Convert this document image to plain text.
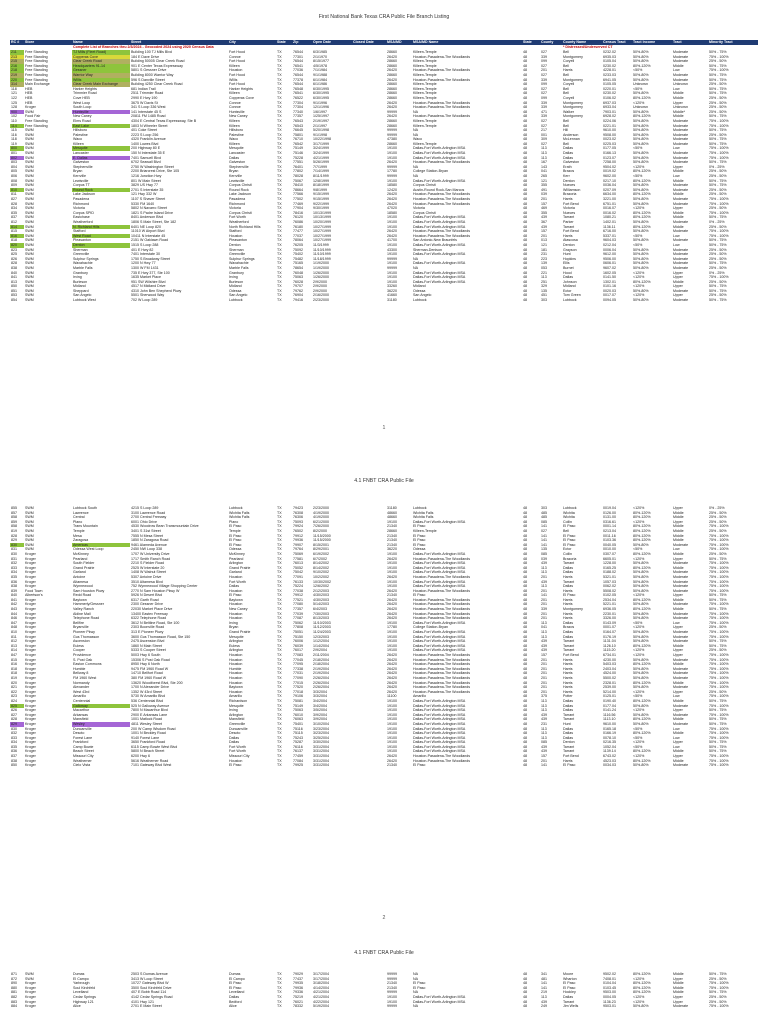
First National Bank Texas CRA Public File Branch Listing
RC #	Store		Name	Street	City	State	Zip	Open Date	Closed Date	MSA/MD	MSA/MD Name	State	County	County Name	Census Tract	Tract Income	Tract	Minority Tract
			Complete List of Branches thru 2/3/2024 - Geocoded 2024 using 2020 Census Data											* Distressed/Underserved CT				
211	Free Standing		TJ Mills (Fleet Road)	Building 100 TJ Mills Blvd	Fort Hood	TX	76544	6/3/1985		28660	Killeen-Temple	48	027	Bell	0232.02	50%-80%	Moderate	50% - 75%
213	Free Standing		Copperas Cove	184 E Dave Drive	Conroe	TX	77301	2/1/1970		26420	Houston-Pasadena-The Woodlands	48	339	Montgomery	6935.03	50%-80%	Moderate	75% - 100%
215	Free Standing		Clear Creek Road	Building 50005 Clear Creek Road	Fort Hood	TX	76544	8/15/1977		28660	Killeen-Temple	48	099	Coryell	0105.04	50%-80%	Moderate	25% - 50%
216	Free Standing		Headquarters 91-14	901 E Center Texas Expressway	Killeen	TX	76541	4/5/1978		28660	Killeen-Temple	48	027	Bell	0230.02	80%-120%	Middle	50% - 75%
218	Free Standing		Gessner	5801 S Gessner Drive	Houston	TX	77036	7/1/1984		26420	Houston-Pasadena-The Woodlands	48	201	Harris	4228.01	<50%	Low	75% - 100%
219	Free Standing		Warrior Way	Building 8000 Warrior Way	Fort Hood	TX	76544	9/1/1988		28660	Killeen-Temple	48	027	Bell	0233.03	50%-80%	Moderate	50% - 75%
220	Free Standing		Willis	596 S Danville Street	Willis	TX	77378	6/1/1984		26420	Houston-Pasadena-The Woodlands	48	339	Montgomery	6941.05	50%-80%	Moderate	50% - 75%
314	Main Exchange		Clear Creek Main Exchange	Building 4250 Clear Creek Road	Fort Hood	TX	76544	6/1/1986		28660	Killeen-Temple	48	099	Coryell	0105.05	Unknown	Unknown	25% - 50%
118	HEB		Harker Heights	681 Indian Trail	Harker Heights	TX	76548	6/30/1995		28660	Killeen-Temple	48	027	Bell	0220.01	<50%	Low	50% - 75%
121	HEB		Trimmier Road	2511 Trimmier Road	Killeen	TX	76541	6/30/1995		28660	Killeen-Temple	48	027	Bell	0230.02	50%-80%	Middle	50% - 75%
122	HEB		Cove HEB	2990 E Hwy 190	Copperas Cove	TX	76522	6/30/1995		28660	Killeen-Temple	48	099	Coryell	0106.02	80%-120%	Middle	25% - 50%
125	HEB		West Loop	3675 W Davis St	Conroe	TX	77304	9/1/1996		26420	Houston-Pasadena-The Woodlands	48	339	Montgomery	6937.03	<120%	Upper	25% - 50%
128	Kroger		South Loop	341 S Loop 336 West	Conroe	TX	77304	12/1/1996		26420	Houston-Pasadena-The Woodlands	48	339	Montgomery	6933.04	Unknown	Unknown	25% - 50%
900	SWM		Huntsville	141 Interstate 45 S	Huntsville	TX	77340	1/6/1997		99999	NA	48	471	Walker	7903.01	50%-80%	Middle*	25% - 50%
102	Food Fair		New Caney	20811 FM 1485 Road	New Caney	TX	77357	1/25/1997		26420	Houston-Pasadena-The Woodlands	48	339	Montgomery	6928.02	80%-120%	Middle	50% - 75%
110	Free Standing		Elms Road	4304 E Central Texas Expressway, Ste B	Killeen	TX	76543	2/19/1997		28660	Killeen-Temple	48	027	Bell	0224.06	50%-80%	Moderate	75% - 100%
114	Free Standing		East Lake	1803 N Wheeler Street	Killeen	TX	76543	2/1/1997		28660	Killeen-Temple	48	027	Bell	0221.01	50%-80%	Moderate	75% - 100%
115	SWM		Hillsboro	401 Coke Street	Hillsboro	TX	76645	5/20/1998		99999	NA	48	217	Hill	9610.00	50%-80%	Moderate	50% - 75%
116	SWM		Palestine	2223 S Loop 256	Palestine	TX	75801	9/1/1998		99999	NA	48	001	Anderson	9508.00	50%-80%	Moderate	25% - 50%
118	SWM		Waco	4320 Franklin Avenue	Waco	TX	76710	10/22/1998		47380	Waco	48	309	McLennan	0023.02	50%-80%	Moderate	50% - 75%
119	SWM		Killeen	1400 Lowes Blvd	Killeen	TX	76542	3/17/1999		28660	Killeen-Temple	48	027	Bell	0225.03	50%-80%	Moderate	50% - 75%
800	SWM		Mesquite	200 Highway 80 E	Mesquite	TX	75149	3/24/1999		19100	Dallas-Fort Worth-Arlington MSA	48	113	Dallas	0177.05	<50%	Low	75% - 100%
801	SWM		Lancaster	150 N Interstate 35 E	Lancaster	TX	75146	3/24/1999		19100	Dallas-Fort Worth-Arlington MSA	48	113	Dallas	0166.13	50%-80%	Moderate	75% - 100%
802	SWM		E. Dallas	7401 Samuell Blvd	Dallas	TX	75228	4/21/1999		19100	Dallas-Fort Worth-Arlington MSA	48	113	Dallas	0123.07	50%-80%	Moderate	75% - 100%
803	SWM		Galveston	6702 Seawall Blvd	Galveston	TX	77551	5/26/1999		26420	Houston-Pasadena-The Woodlands	48	167	Galveston	7258.00	50%-80%	Moderate	50% - 75%
804	SWM		Stephenville	2750 W Washington Street	Stephenville	TX	76401	7/7/1999		99999	NA	48	143	Erath	9504.02	<120%	Upper	0% - 25%
805	SWM		Bryan	2200 Briarcrest Drive, Ste 105	Bryan	TX	77802	7/14/1999		17780	College Station-Bryan	48	041	Brazos	0019.02	80%-120%	Middle	25% - 50%
806	SWM		Kerrville	1216 Junction Hwy	Kerrville	TX	78028	8/11/1999		99999	NA	48	265	Kerr	9602.00	<50%	Low	25% - 50%
808	SWM		Lewisville	801 W Main Street	Lewisville	TX	75067	12/8/1999		19100	Dallas-Fort Worth-Arlington MSA	48	121	Denton	0217.10	80%-120%	Middle	50% - 75%
809	SWM		Corpus TT	3829 US Hwy 77	Corpus Christi	TX	78410	8/18/1999		18580	Corpus Christi	48	355	Nueces	0036.04	50%-80%	Moderate	50% - 75%
810	SWM		Round Rock	2701 S Interstate 35	Round Rock	TX	78664	9/8/1999		12420	Austin-Round Rock-San Marcos	48	491	Williamson	0207.09	50%-80%	Moderate	25% - 50%
811	SWM		Lake Jackson	121 Hwy 332 W	Lake Jackson	TX	77566	9/15/1999		26420	Houston-Pasadena-The Woodlands	48	039	Brazoria	6634.00	80%-120%	Middle	25% - 50%
827	SWM		Pasadena	1107 S Shaver Street	Pasadena	TX	77502	9/15/1999		26420	Houston-Pasadena-The Woodlands	48	201	Harris	3221.00	50%-80%	Moderate	75% - 100%
828	SWM		Richmond	5330 FM 1640	Richmond	TX	77469	9/22/1999		26420	Houston-Pasadena-The Woodlands	48	157	Fort Bend	6751.01	50%-80%	Moderate	75% - 100%
834	SWM		Victoria	5802 N Navarro Street	Victoria	TX	77904	9/30/1999		47020	Victoria	48	469	Victoria	0016.07	<120%	Upper	25% - 50%
835	SWM		Corpus SPID	1821 S Padre Island Drive	Corpus Christi	TX	78416	10/13/1999		18580	Corpus Christi	48	355	Nueces	0016.02	80%-120%	Middle	75% - 100%
837	SWM		Eastchase	8401 Anderson Blvd	Fort Worth	TX	76120	10/13/1999		19100	Dallas-Fort Worth-Arlington MSA	48	439	Tarrant	1080.21	80%-120%	Middle	50% - 75%
812	SWM		Weatherford	1806 S Main Street, Ste 182	Weatherford	TX	76086	10/20/1999		19100	Dallas-Fort Worth-Arlington MSA	48	367	Parker	1402.01	50%-80%	Moderate	0% - 25%
814	SWM		N. Richland Hills	6401 NE Loop 820	North Richland Hills	TX	76180	10/27/1999		19100	Dallas-Fort Worth-Arlington MSA	48	439	Tarrant	1136.11	80%-120%	Middle	25% - 50%
815	SWM		Stafford	11010 W Airport Blvd	Stafford	TX	77477	10/27/1999		26420	Houston-Pasadena-The Woodlands	48	157	Fort Bend	6716.00	50%-80%	Moderate	75% - 100%
816	SWM		West Road	10411 N Interstate 45	Houston	TX	77037	10/27/1999		26420	Houston-Pasadena-The Woodlands	48	201	Harris	5337.01	<50%	Low	75% - 100%
818	SWM		Pleasanton	2151 W Oaklawn Road	Pleasanton	TX	78064	10/27/1999		41700	San Antonio-New Braunfels	48	013	Atascosa	9604.03	50%-80%	Moderate	50% - 75%
820	SWM		Denton	1515 S Loop 288	Denton	TX	76205	11/3/1999		19100	Dallas-Fort Worth-Arlington MSA	48	121	Denton	0212.04	<50%	Low	50% - 75%
823	SWM		Sherman	401 E Hwy 82	Sherman	TX	75092	11/10/1999		43300	Sherman-Denison	48	181	Grayson	0006.04	50%-80%	Moderate	25% - 50%
825	SWM		Greenville	7401 Interstate 30	Greenville	TX	75402	11/10/1999		19100	Dallas-Fort Worth-Arlington MSA	48	231	Hunt	9612.00	50%-80%	Moderate	25% - 50%
826	SWM		Sulphur Springs	1750 S Broadway Street	Sulphur Springs	TX	75482	11/18/1999		99999	NA	48	223	Hopkins	9506.00	50%-80%	Moderate	25% - 50%
828	SWM		Waxahachie	1200 N Hwy 77	Waxahachie	TX	75165	1/19/2000		19100	Dallas-Fort Worth-Arlington MSA	48	139	Ellis	0606.01	50%-80%	Moderate	50% - 75%
838	SWM		Marble Falls	1300 W FM 1431	Marble Falls	TX	78654	1/19/2000		99999	NA	48	053	Burnet	9607.02	50%-80%	Moderate	25% - 50%
840	SWM		Granbury	735 E Hwy 377, Ste 100	Granbury	TX	76048	1/26/2000		19100	Dallas-Fort Worth-Arlington MSA	48	221	Hood	1602.05	<120%	Upper	0% - 25%
841	SWM		Irving	1635 Market Place	Irving	TX	75063	1/26/2000		19100	Dallas-Fort Worth-Arlington MSA	48	113	Dallas	0141.50	<120%	Upper	75% - 100%
813	SWM		Burleson	951 SW Wilshire Blvd	Burleson	TX	76028	2/9/2000		19100	Dallas-Fort Worth-Arlington MSA	48	251	Johnson	1302.01	80%-120%	Middle	25% - 50%
850	SWM		Midland	4517 N Midland Drive	Midland	TX	79707	2/9/2000		33260	Midland	48	329	Midland	0101.16	<120%	Upper	50% - 75%
851	SWM		Sheppard	4310 John Ben Shepherd Pkwy	Odessa	TX	79762	2/9/2000		36220	Odessa	48	135	Ector	0020.03	50%-80%	Moderate	50% - 75%
853	SWM		San Angelo	5501 Sherwood Way	San Angelo	TX	76904	2/16/2000		41660	San Angelo	48	451	Tom Green	0017.07	<120%	Upper	25% - 50%
854	SWM		Lubbock West	702 W Loop 289	Lubbock	TX	79416	2/23/2000		31180	Lubbock	48	303	Lubbock	0094.05	50%-80%	Moderate	50% - 75%
1
4.1 FNBT CRA Public File
855	SWM		Lubbock South	4215 S Loop 289	Lubbock	TX	79423	2/23/2000		31180	Lubbock	48	303	Lubbock	0019.04	<120%	Upper	0% - 25%
857	SWM		Lawrence	3100 Lawrence Road	Wichita Falls	TX	76308	4/19/2000		48660	Wichita Falls	48	485	Wichita	0126.00	80%-120%	Middle	25% - 50%
858	SWM		Central	2700 Central Freeway	Wichita Falls	TX	76306	4/19/2000		48660	Wichita Falls	48	485	Wichita	0131.00	80%-120%	Middle	25% - 50%
859	SWM		Plano	6001 Ohio Drive	Plano	TX	75093	6/21/2000		19100	Dallas-Fort Worth-Arlington MSA	48	085	Collin	0316.61	<120%	Upper	25% - 50%
858	SWM		Trans Mountain	4530 Woodrow Bean Transmountain Drive	El Paso	TX	79924	7/26/2000		21340	El Paso	48	141	El Paso	0001.14	80%-120%	Middle	75% - 100%
819	SWM		Temple	3401 S 31st Street	Temple	TX	76502	8/2/2000		28660	Killeen-Temple	48	027	Bell	0213.04	80%-120%	Middle	25% - 50%
828	SWM		Mesa	7555 N Mesa Street	El Paso	TX	79912	11/15/2000		21340	El Paso	48	141	El Paso	0011.16	80%-120%	Middle	75% - 100%
829	SWM		Zaragosa	1850 N Zaragosa Road	El Paso	TX	79936	11/15/2000		21340	El Paso	48	141	El Paso	0103.36	80%-120%	Middle	75% - 100%
830	SWM		Americas	9461 Alameda Avenue	El Paso	TX	79907	8/15/2001		21340	El Paso	48	141	El Paso	0040.05	50%-80%	Moderate	75% - 100%
831	SWM		Odessa West Loop	2450 NW Loop 338	Odessa	TX	79764	8/29/2001		36220	Odessa	48	135	Ector	0010.00	<50%	Low	75% - 100%
830	Kroger		McKinney	1707 W University Drive	McKinney	TX	75069	6/19/2002		19100	Dallas-Fort Worth-Arlington MSA	48	085	Collin	0307.07	80%-120%	Middle	25% - 50%
831	Kroger		Pearland	1717 Smith Ranch Road	Pearland	TX	77581	6/7/2002		26420	Houston-Pasadena-The Woodlands	48	039	Brazoria	6605.01	<120%	Upper	50% - 75%
832	Kroger		South Fielder	2210 S Fielder Road	Arlington	TX	76013	8/14/2002		19100	Dallas-Fort Worth-Arlington MSA	48	439	Tarrant	1228.00	50%-80%	Moderate	75% - 100%
833	Kroger		Grand Prairie	2525 W Interstate 20	Grand Prairie	TX	75052	8/14/2002		19100	Dallas-Fort Worth-Arlington MSA	48	113	Dallas	0165.25	80%-120%	Middle	75% - 100%
834	Kroger		Garland	1408 W Walnut Street	Garland	TX	75042	9/10/2002		19100	Dallas-Fort Worth-Arlington MSA	48	113	Dallas	0188.02	50%-80%	Moderate	75% - 100%
835	Kroger		Antoine	5307 Antoine Drive	Houston	TX	77091	10/2/2002		26420	Houston-Pasadena-The Woodlands	48	201	Harris	5321.01	50%-80%	Moderate	75% - 100%
836	Kroger		Altamesa	3510 Altamesa Blvd	Fort Worth	TX	76133	10/30/2002		19100	Dallas-Fort Worth-Arlington MSA	48	439	Tarrant	1057.03	50%-80%	Moderate	75% - 100%
838	Kroger		Wynnewood	752 Wynnewood Village Shopping Center	Dallas	TX	75224	12/6/2002		19100	Dallas-Fort Worth-Arlington MSA	48	113	Dallas	0062.02	50%-80%	Moderate	75% - 100%
839	Food Town		Sam Houston Pkwy	2770 N Sam Houston Pkwy W	Houston	TX	77038	2/12/2003		26420	Houston-Pasadena-The Woodlands	48	201	Harris	5508.02	50%-80%	Moderate	75% - 100%
840	Albertson's		Redd Road	5926 N Desert Blvd	El Paso	TX	79912	4/30/2003		21340	El Paso	48	141	El Paso	0102.05	<120%	Upper	50% - 75%
841	Kroger		Baytown	6317 Garth Road	Baytown	TX	77521	4/30/2003		26420	Houston-Pasadena-The Woodlands	48	201	Harris	2534.04	80%-120%	Middle	50% - 75%
842	Kroger		Hammerly/Gessner	2300 Gessner Drive	Houston	TX	77080	5/14/2003		26420	Houston-Pasadena-The Woodlands	48	201	Harris	5221.01	50%-80%	Moderate	75% - 100%
843	Kroger		Valley Ranch	22030 Market Place Drive	New Caney	TX	77357	6/4/2003		26420	Houston-Pasadena-The Woodlands	48	339	Montgomery	6936.05	80%-120%	Middle	50% - 75%
844	Kroger		Aldine Mail	13400 Eastex Freeway	Houston	TX	77039	7/30/2003		26420	Houston-Pasadena-The Woodlands	48	201	Harris	2230.01	50%-80%	Moderate	75% - 100%
846	Kroger		Telephone Road	6322 Telephone Road	Houston	TX	77087	8/13/2003		26420	Houston-Pasadena-The Woodlands	48	201	Harris	3326.00	50%-80%	Moderate	75% - 100%
847	Kroger		Bellfire	3612 N Beltline Road, Ste 100	Irving	TX	75062	11/10/2003		19100	Dallas-Fort Worth-Arlington MSA	48	113	Dallas	0143.09	<50%	Low	75% - 100%
848	Kroger		Bryanville	2303 Boonville Road	Bryan	TX	77808	11/12/2003		17780	College Station-Bryan	48	041	Brazos	0001.07	<120%	Upper	25% - 50%
810	Kroger		Pioneer Pkwy	313 E Pioneer Pkwy	Grand Prairie	TX	75051	11/24/2003		19100	Dallas-Fort Worth-Arlington MSA	48	113	Dallas	0164.07	50%-80%	Moderate	75% - 100%
811	Kroger		Gus Thomasson	3600 Gus Thomasson Road, Ste 150	Mesquite	TX	75150	12/3/2003		19100	Dallas-Fort Worth-Arlington MSA	48	113	Dallas	0176.19	50%-80%	Moderate	75% - 100%
812	Kroger		Ascension	2475 Ascension Blvd	Arlington	TX	76006	1/12/2004		19100	Dallas-Fort Worth-Arlington MSA	48	439	Tarrant	1131.04	50%-80%	Moderate	50% - 75%
813	Kroger		Euless	1860 N Main Street	Euless	TX	76039	1/14/2004		19100	Dallas-Fort Worth-Arlington MSA	48	439	Tarrant	1126.10	80%-120%	Middle	50% - 75%
814	Kroger		Cooper	5333 S Cooper Street	Arlington	TX	76017	2/9/2004		19100	Dallas-Fort Worth-Arlington MSA	48	439	Tarrant	1115.20	<120%	Upper	25% - 50%
847	Kroger		Providence	5003 Hwy 6 South	Houston	TX	77083	2/11/2004		26420	Houston-Pasadena-The Woodlands	48	157	Fort Bend	6734.01	<120%	Upper	75% - 100%
815	Kroger		S. Post Oak	15306 S Post Oak Road	Houston	TX	77045	2/18/2004		26420	Houston-Pasadena-The Woodlands	48	201	Harris	4230.00	50%-80%	Moderate	75% - 100%
816	Kroger		Easton Commons	8950 Hwy 6 North	Houston	TX	77095	2/18/2004		26420	Houston-Pasadena-The Woodlands	48	201	Harris	5403.03	80%-120%	Middle	75% - 100%
818	Kroger		Humble	9475 FM 1960 Road W	Humble	TX	77338	2/19/2004		26420	Houston-Pasadena-The Woodlands	48	201	Harris	2403.04	50%-80%	Moderate	75% - 100%
818	Kroger		Bellway 8	14710 Bellfort Road	Houston	TX	77031	2/19/2004		26420	Houston-Pasadena-The Woodlands	48	201	Harris	4524.00	50%-80%	Moderate	75% - 100%
819	Kroger		FM 1960 West	380 FM 1960 Road W	Houston	TX	77090	2/26/2004		26420	Houston-Pasadena-The Woodlands	48	201	Harris	5500.02	50%-80%	Moderate	75% - 100%
820	Kroger		Normandy	13620 Woodforest Blvd, Ste 200	Houston	TX	77015	2/26/2004		26420	Houston-Pasadena-The Woodlands	48	201	Harris	2328.01	80%-120%	Middle	75% - 100%
821	Kroger		Alexander	1700 N Alexander Drive	Baytown	TX	77520	2/26/2004		26420	Houston-Pasadena-The Woodlands	48	201	Harris	2539.00	50%-80%	Moderate	75% - 100%
822	Kroger		West 43rd	1352 W 43rd Street	Houston	TX	77018	3/3/2004		26420	Houston-Pasadena-The Woodlands	48	201	Harris	5214.00	<120%	Upper	25% - 50%
823	Kroger		Amarillo	5730 W Amarillo Blvd	Amarillo	TX	79106	3/3/2004		11100	Amarillo	48	375	Potter	0125.01	<50%	Low	75% - 100%
824	Kroger		Centennial	536 Centennial Blvd	Richardson	TX	75081	3/4/2004		19100	Dallas-Fort Worth-Arlington MSA	48	113	Dallas	0190.40	80%-120%	Middle	50% - 75%
825	Kroger		Galloway	525 N Galloway Avenue	Mesquite	TX	75149	3/4/2004		19100	Dallas-Fort Worth-Arlington MSA	48	113	Dallas	0177.04	50%-80%	Moderate	75% - 100%
826	Kroger		Macarthur	7800 N Macarthur Blvd	Irving	TX	75063	3/5/2004		19100	Dallas-Fort Worth-Arlington MSA	48	113	Dallas	0141.24	<120%	Upper	50% - 75%
827	Kroger		Arkansas	2900 E Arkansas Lane	Arlington	TX	76010	3/9/2004		19100	Dallas-Fort Worth-Arlington MSA	48	439	Tarrant	1116.56	50%-80%	Moderate	75% - 100%
828	Kroger		Mansfield	1001 Matlock Road	Mansfield	TX	76063	3/9/2004		19100	Dallas-Fort Worth-Arlington MSA	48	439	Tarrant	1113.10	80%-120%	Middle	50% - 75%
829	Kroger		Wesley	4811 Wesley Street	Greenville	TX	75401	3/10/2004		19100	Dallas-Fort Worth-Arlington MSA	48	231	Hunt	9610.00	50%-80%	Moderate	50% - 75%
830	Kroger		Duncanville	200 W Camp Wisdom Road	Duncanville	TX	75116	3/23/2004		19100	Dallas-Fort Worth-Arlington MSA	48	113	Dallas	0165.18	<50%	Low	75% - 100%
832	Kroger		Desoto	1001 N Beckley Road	Desoto	TX	75115	3/23/2004		19100	Dallas-Fort Worth-Arlington MSA	48	113	Dallas	0166.19	80%-120%	Middle	75% - 100%
833	Kroger		Forest Lane	9140 Forest Lane	Dallas	TX	75243	3/25/2004		19100	Dallas-Fort Worth-Arlington MSA	48	113	Dallas	0078.10	<50%	Low	75% - 100%
834	Kroger		Frankford	3650 Frankford Road	Dallas	TX	75287	3/30/2004		19100	Dallas-Fort Worth-Arlington MSA	48	085	Denton	0216.35	<120%	Upper	50% - 75%
835	Kroger		Camp Bowie	6115 Camp Bowie West Blvd	Fort Worth	TX	76116	3/31/2004		19100	Dallas-Fort Worth-Arlington MSA	48	439	Tarrant	1052.04	<50%	Low	50% - 75%
836	Kroger		Beach Street	5800 N Beach Street	Fort Worth	TX	76137	3/31/2004		19100	Dallas-Fort Worth-Arlington MSA	48	439	Tarrant	1139.14	80%-120%	Middle	50% - 75%
837	Kroger		Missouri City	6200 Hwy 6	Missouri City	TX	77459	3/31/2004		26420	Houston-Pasadena-The Woodlands	48	157	Fort Bend	6743.02	<120%	Upper	75% - 100%
838	Kroger		Weatherner	5616 Weatherner Road	Houston	TX	77084	3/31/2004		26420	Houston-Pasadena-The Woodlands	48	201	Harris	4523.03	80%-120%	Middle	75% - 100%
850	Kroger		Cielo Vista	7101 Gateway Blvd West	El Paso	TX	79925	3/31/2004		21340	El Paso	48	141	El Paso	0034.03	50%-80%	Moderate	75% - 100%
2
4.1 FNBT CRA Public File
871	SWM		Dumas	2503 S Dumas Avenue	Dumas	TX	79029	3/17/2004		99999	NA	48	341	Moore	9502.02	80%-120%	Middle	50% - 75%
872	SWM		El Campo	3413 W Loop Street	El Campo	TX	77437	3/17/2004		99999	NA	48	481	Wharton	7408.01	<120%	Upper	25% - 50%
890	Kroger		Yarbrough	10727 Gateway Blvd W	El Paso	TX	79935	3/18/2004		21340	El Paso	48	141	El Paso	0104.04	80%-120%	Middle	75% - 100%
880	Kroger		Soul Kirchfeld	3500 Soul Kirchfeld Drive	El Paso	TX	79936	4/14/2004		21340	El Paso	48	141	El Paso	0103.45	80%-120%	Middle	75% - 100%
881	Kroger		Levelland	407 E Bobb Road 114	Levelland	TX	79336	4/21/2004		99999	NA	48	219	Hockley	9503.00	80%-120%	Middle	50% - 75%
882	Kroger		Cedar Springs	4142 Cedar Springs Road	Dallas	TX	75219	4/21/2004		19100	Dallas-Fort Worth-Arlington MSA	48	113	Dallas	0004.05	<120%	Upper	25% - 50%
883	Kroger		Highway 121	4101 Hwy 121	Bedford	TX	76021	4/22/2004		19100	Dallas-Fort Worth-Arlington MSA	48	439	Tarrant	1136.23	<120%	Upper	25% - 50%
884	Kroger		Alice	2701 E Main Street	Alice	TX	78332	5/19/2004		99999	NA	48	249	Jim Wells	9503.01	50%-80%	Moderate	75% - 100%
